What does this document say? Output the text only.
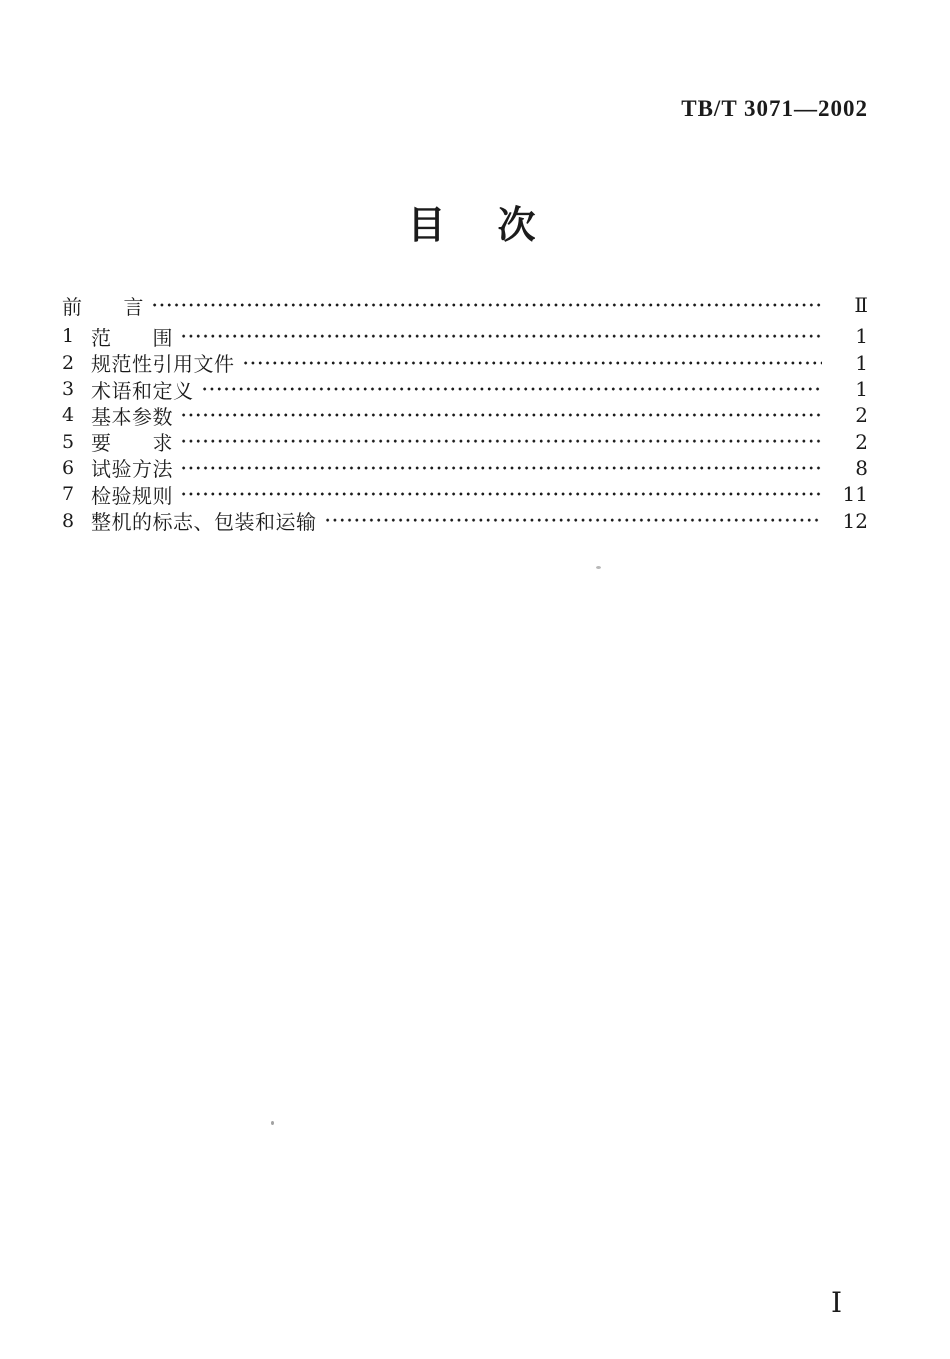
TB/T 3071—2002
目　次
前　　言	Ⅱ
1 范　　围	1
2 规范性引用文件	1
3 术语和定义	1
4 基本参数	2
5 要　　求	2
6 试验方法	8
7 检验规则	11
8 整机的标志、包装和运输	12
Ⅰ
